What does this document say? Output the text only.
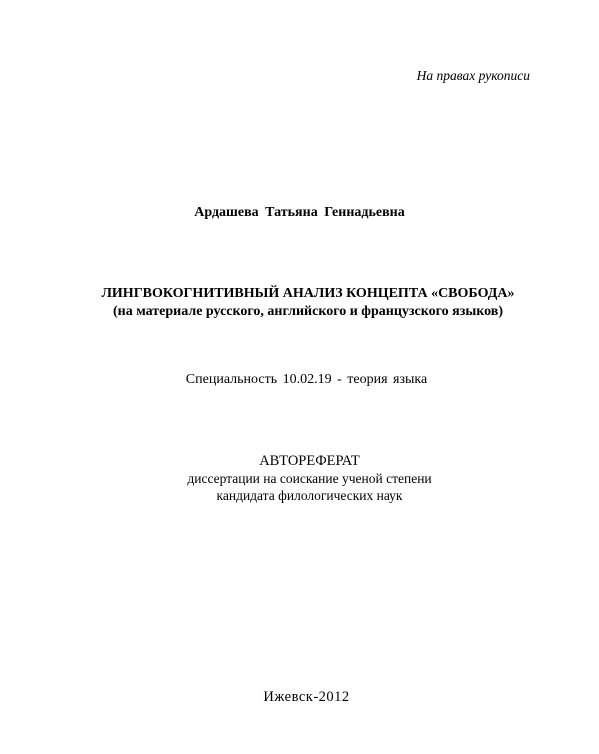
На правах рукописи
Ардашева Татьяна Геннадьевна
ЛИНГВОКОГНИТИВНЫЙ АНАЛИЗ КОНЦЕПТА «СВОБОДА»
(на материале русского, английского и французского языков)
Специальность 10.02.19 - теория языка
АВТОРЕФЕРАТ
диссертации на соискание ученой степени
кандидата филологических наук
Ижевск-2012
